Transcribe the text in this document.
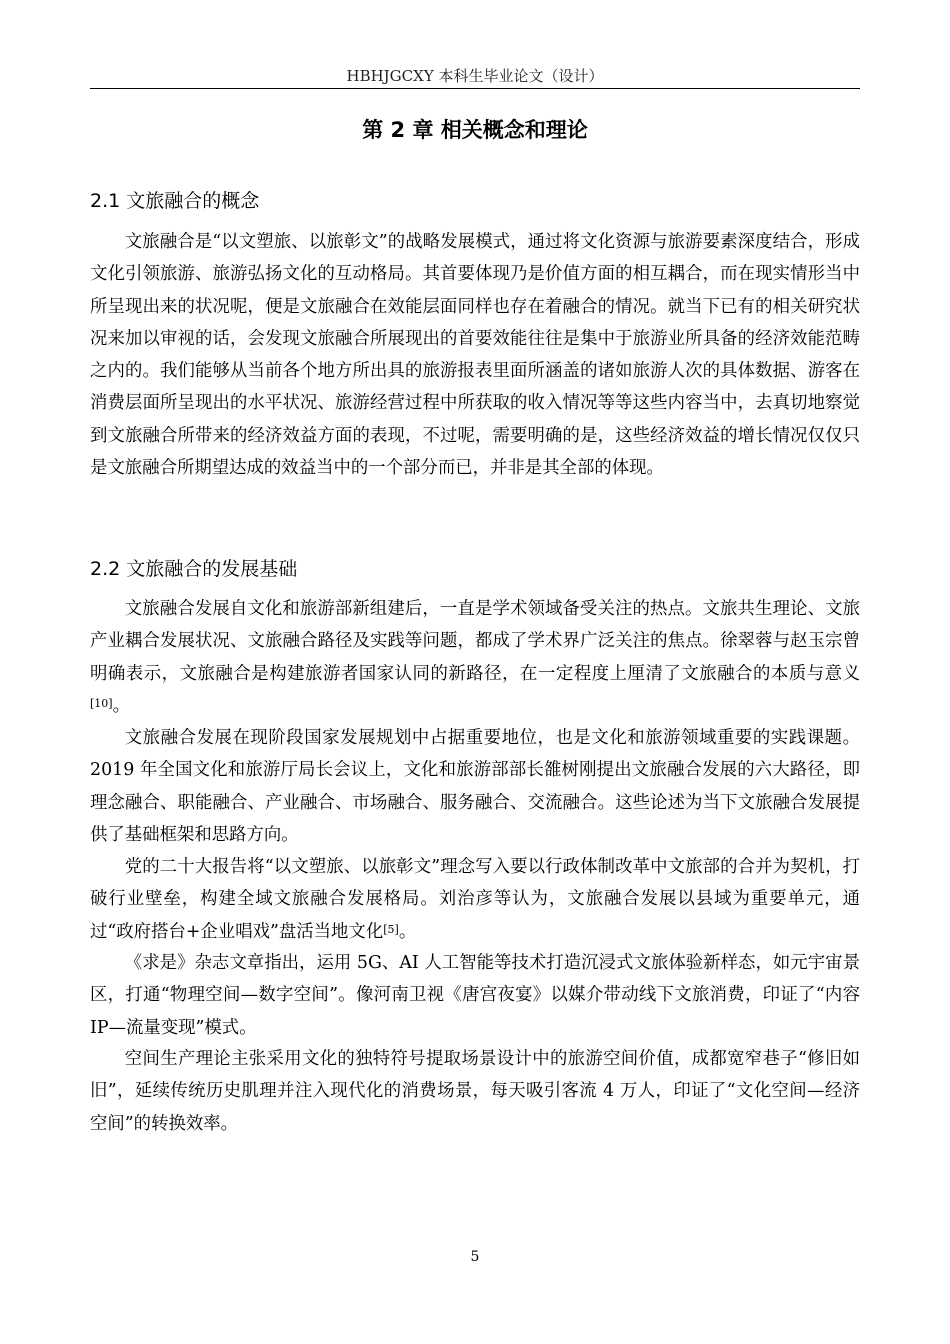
HBHJGCXY 本科生毕业论文（设计）
第 2 章 相关概念和理论
2.1 文旅融合的概念

文旅融合是“以文塑旅、以旅彰文”的战略发展模式，通过将文化资源与旅游要素深度结合，形成文化引领旅游、旅游弘扬文化的互动格局。其首要体现乃是价值方面的相互耦合，而在现实情形当中所呈现出来的状况呢，便是文旅融合在效能层面同样也存在着融合的情况。就当下已有的相关研究状况来加以审视的话，会发现文旅融合所展现出的首要效能往往是集中于旅游业所具备的经济效能范畴之内的。我们能够从当前各个地方所出具的旅游报表里面所涵盖的诸如旅游人次的具体数据、游客在消费层面所呈现出的水平状况、旅游经营过程中所获取的收入情况等等这些内容当中，去真切地察觉到文旅融合所带来的经济效益方面的表现，不过呢，需要明确的是，这些经济效益的增长情况仅仅只是文旅融合所期望达成的效益当中的一个部分而已，并非是其全部的体现。

2.2 文旅融合的发展基础

文旅融合发展自文化和旅游部新组建后，一直是学术领域备受关注的热点。文旅共生理论、文旅产业耦合发展状况、文旅融合路径及实践等问题，都成了学术界广泛关注的焦点。徐翠蓉与赵玉宗曾明确表示，文旅融合是构建旅游者国家认同的新路径，在一定程度上厘清了文旅融合的本质与意义[10]。

文旅融合发展在现阶段国家发展规划中占据重要地位，也是文化和旅游领域重要的实践课题。2019 年全国文化和旅游厅局长会议上，文化和旅游部部长雒树刚提出文旅融合发展的六大路径，即理念融合、职能融合、产业融合、市场融合、服务融合、交流融合。这些论述为当下文旅融合发展提供了基础框架和思路方向。

党的二十大报告将“以文塑旅、以旅彰文”理念写入要以行政体制改革中文旅部的合并为契机，打破行业壁垒，构建全域文旅融合发展格局。刘治彦等认为，文旅融合发展以县域为重要单元，通过“政府搭台+企业唱戏”盘活当地文化[5]。

《求是》杂志文章指出，运用 5G、AI 人工智能等技术打造沉浸式文旅体验新样态，如元宇宙景区，打通“物理空间—数字空间”。像河南卫视《唐宫夜宴》以媒介带动线下文旅消费，印证了“内容 IP—流量变现”模式。

空间生产理论主张采用文化的独特符号提取场景设计中的旅游空间价值，成都宽窄巷子“修旧如旧”，延续传统历史肌理并注入现代化的消费场景，每天吸引客流 4 万人，印证了“文化空间—经济空间”的转换效率。

5
